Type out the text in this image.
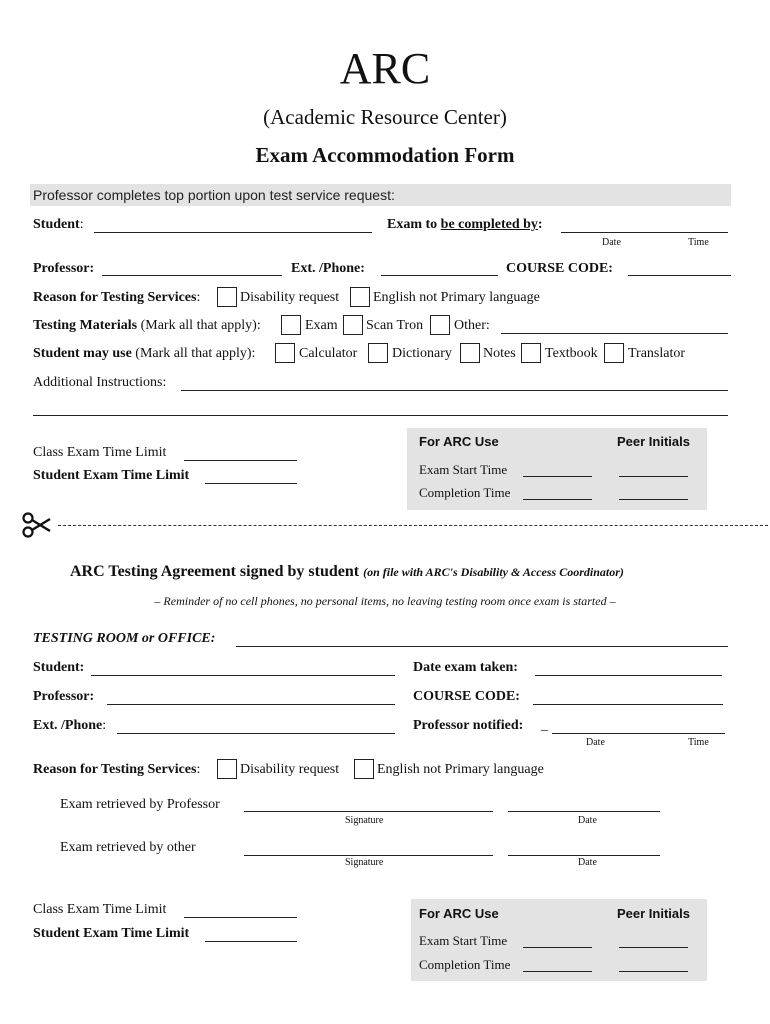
ARC
(Academic Resource Center)
Exam Accommodation Form
Professor completes top portion upon test service request:
Student:	Exam to be completed by:
Date	Time
Professor:	Ext. /Phone:	COURSE CODE:
Reason for Testing Services:	Disability request English not Primary language
Testing Materials (Mark all that apply):	Exam Scan Tron Other:
Student may use (Mark all that apply):	Calculator Dictionary Notes Textbook Translator
Additional Instructions:
Class Exam Time Limit
Student Exam Time Limit
For ARC Use	Peer Initials
Exam Start Time
Completion Time
ARC Testing Agreement signed by student (on file with ARC's Disability & Access Coordinator)
– Reminder of no cell phones, no personal items, no leaving testing room once exam is started –
TESTING ROOM or OFFICE:
Student:	Date exam taken:
Professor:	COURSE CODE:
Ext. /Phone:	Professor notified: _
Date	Time
Reason for Testing Services:	Disability request	English not Primary language
Exam retrieved by Professor
Signature	Date
Exam retrieved by other
Signature	Date
Class Exam Time Limit
Student Exam Time Limit
For ARC Use	Peer Initials
Exam Start Time
Completion Time
